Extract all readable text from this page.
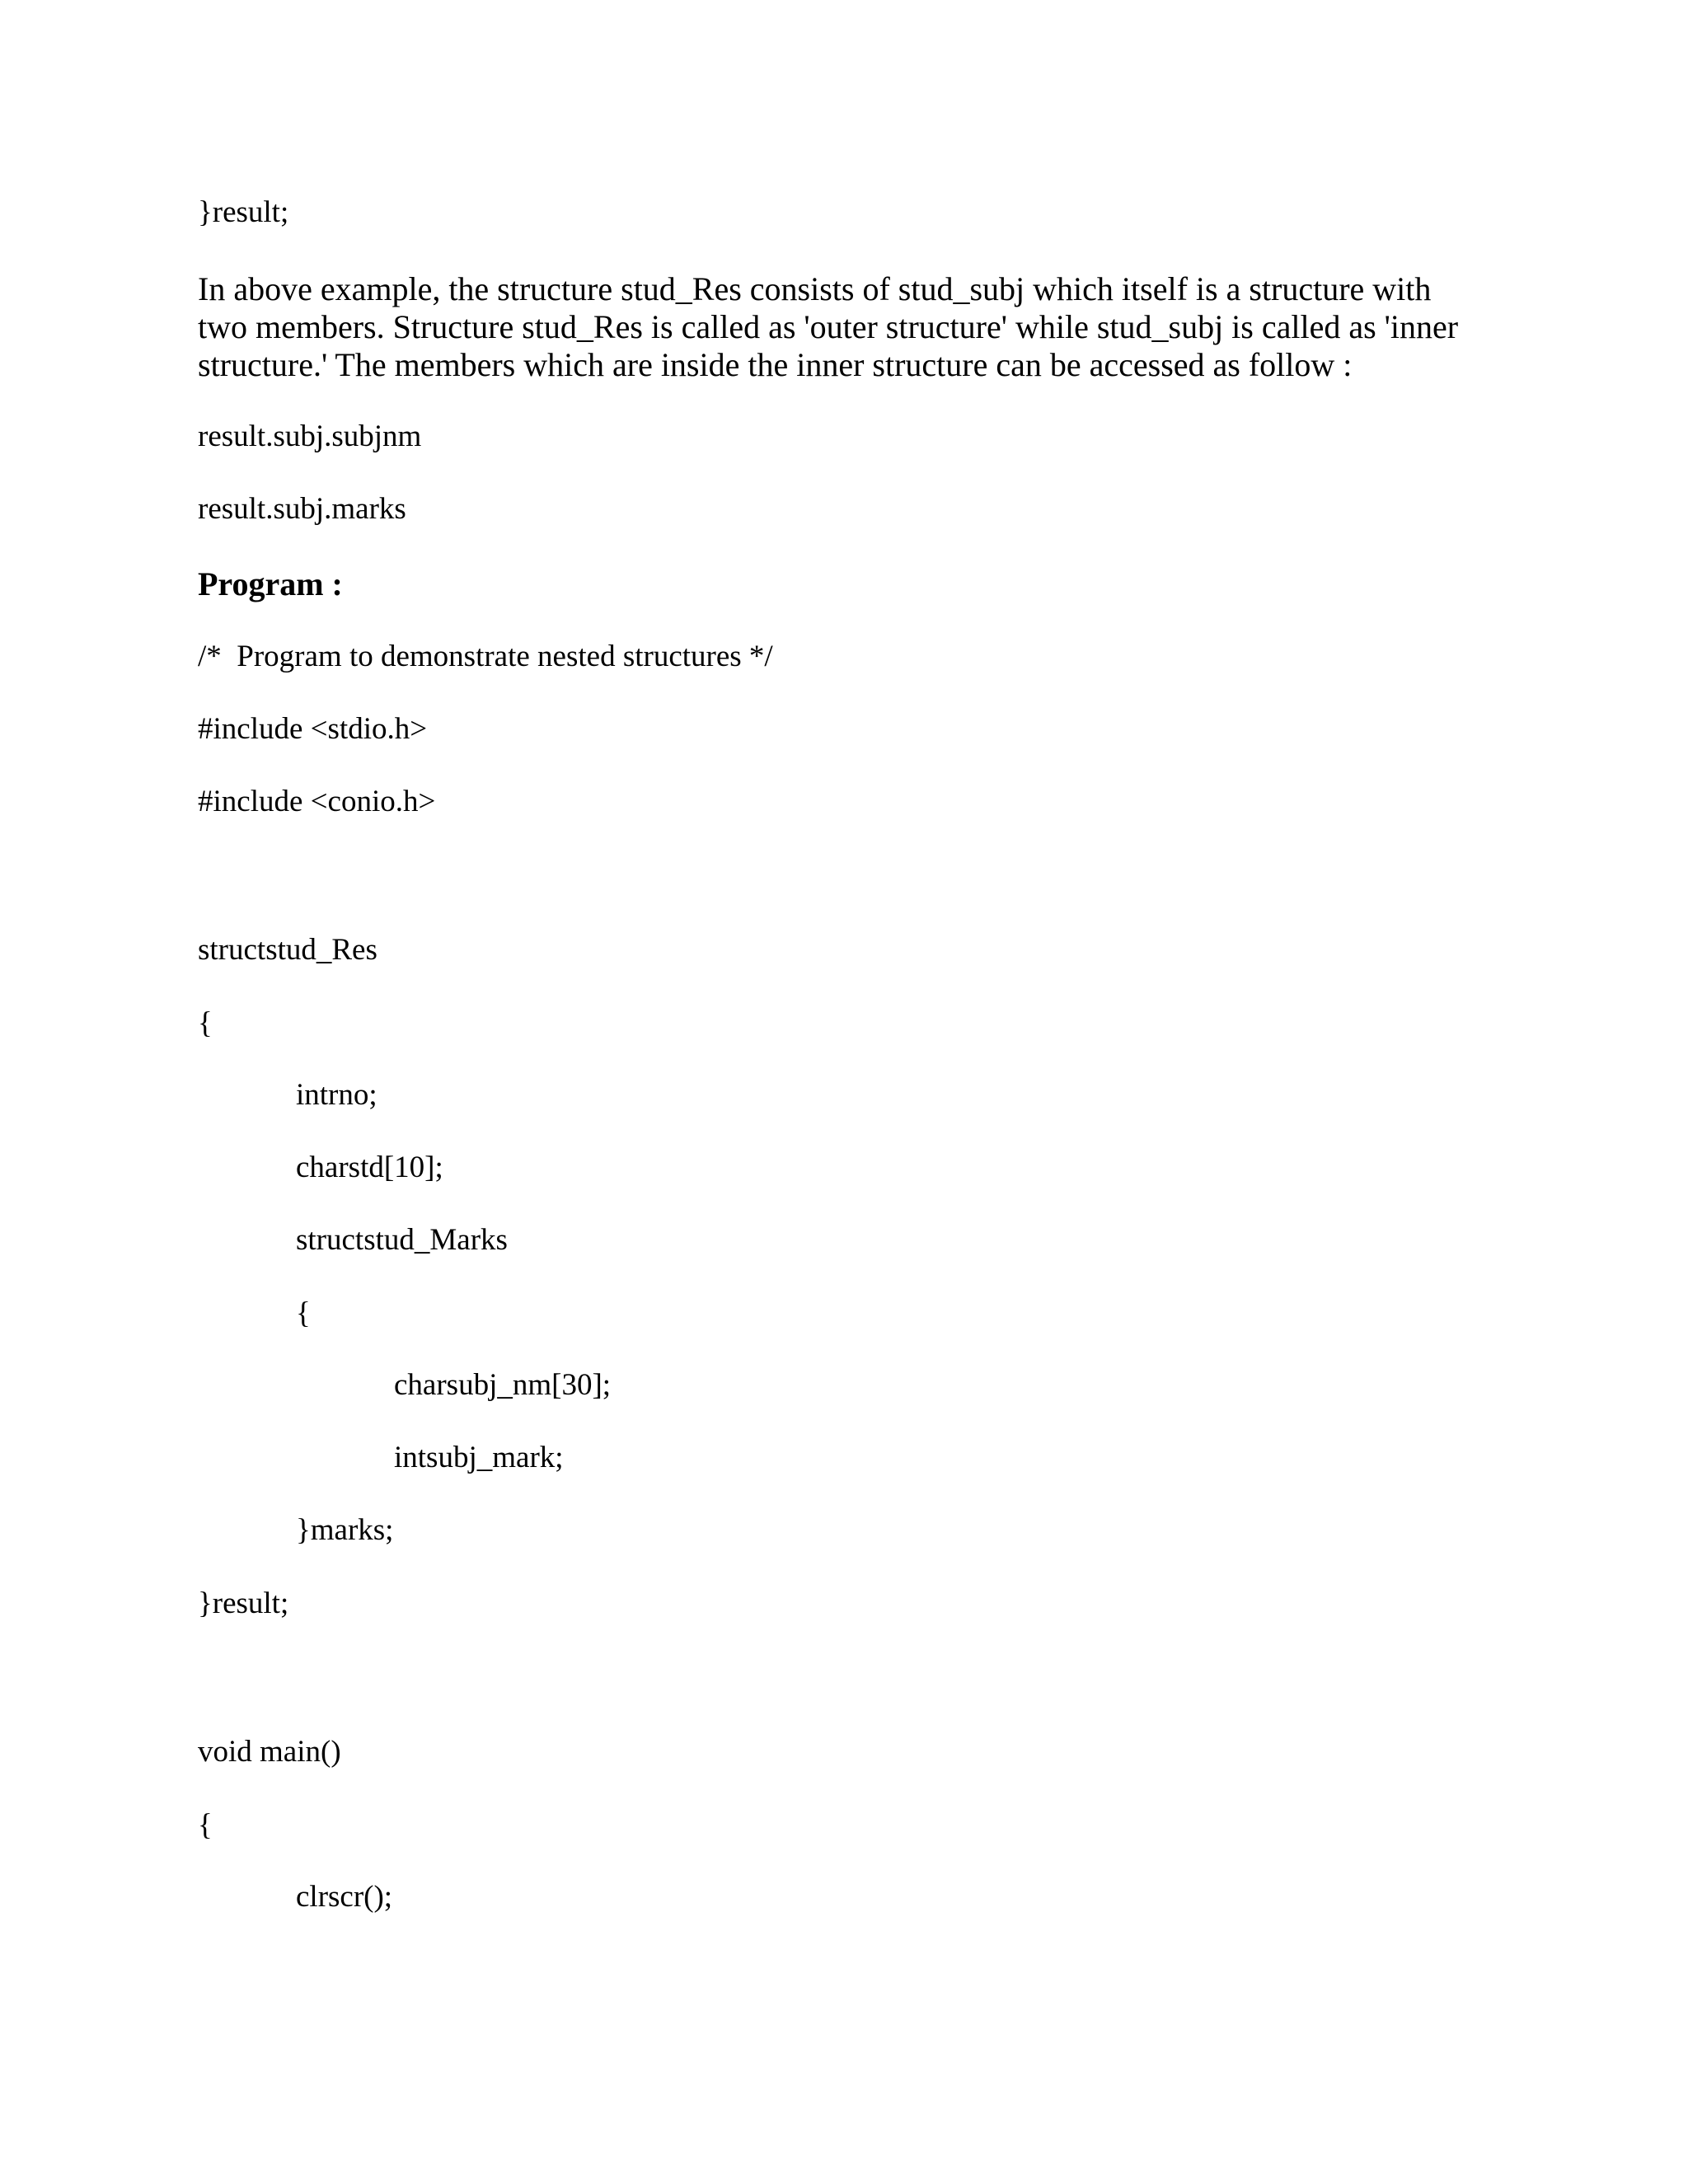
}result;
In above example, the structure stud_Res consists of stud_subj which itself is a structure with
two members. Structure stud_Res is called as 'outer structure' while stud_subj is called as 'inner
structure.' The members which are inside the inner structure can be accessed as follow :
result.subj.subjnm
result.subj.marks
Program :
/*  Program to demonstrate nested structures */
#include <stdio.h>
#include <conio.h>
structstud_Res
{
intrno;
charstd[10];
structstud_Marks
{
charsubj_nm[30];
intsubj_mark;
}marks;
}result;
void main()
{
clrscr();
